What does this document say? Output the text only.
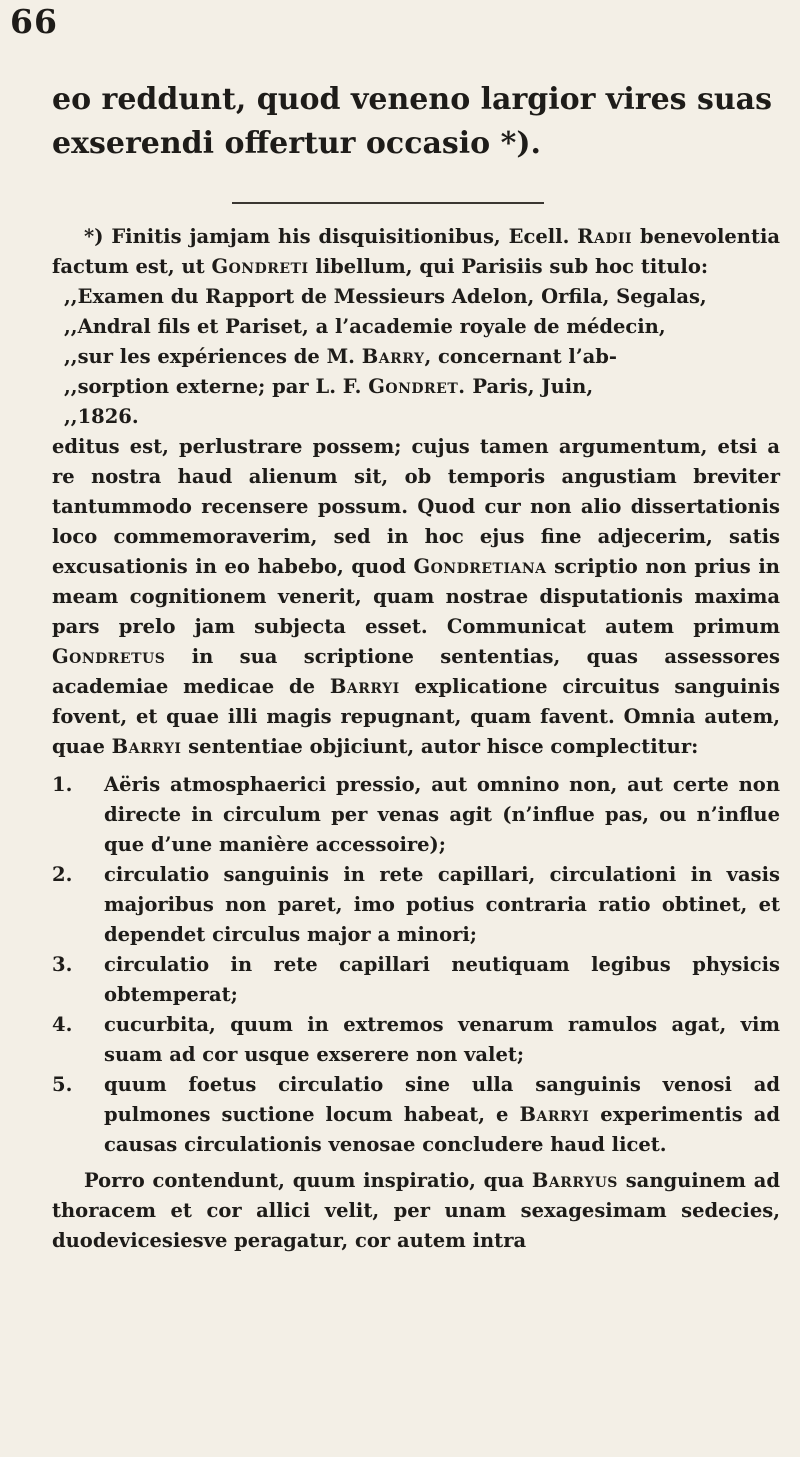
66
eo reddunt, quod veneno largior vires suas exserendi offertur occasio *).

*) Finitis jamjam his disquisitionibus, Ecell. Radii benevolentia factum est, ut Gondreti libellum, qui Parisiis sub hoc titulo:

,,Examen du Rapport de Messieurs Adelon, Orfila, Segalas,
,,Andral fils et Pariset, a l’academie royale de médecin,
,,sur les expériences de M. Barry, concernant l’ab-
,,sorption externe; par L. F. Gondret. Paris, Juin,
,,1826.

editus est, perlustrare possem; cujus tamen argumentum, etsi a re nostra haud alienum sit, ob temporis angustiam breviter tantummodo recensere possum. Quod cur non alio dissertationis loco commemoraverim, sed in hoc ejus fine adjecerim, satis excusationis in eo habebo, quod Gondretiana scriptio non prius in meam cognitionem venerit, quam nostrae disputationis maxima pars prelo jam subjecta esset. Communicat autem primum Gondretus in sua scriptione sententias, quas assessores academiae medicae de Barryi explicatione circuitus sanguinis fovent, et quae illi magis repugnant, quam favent. Omnia autem, quae Barryi sententiae objiciunt, autor hisce complectitur:

1.	Aëris atmosphaerici pressio, aut omnino non, aut certe non directe in circulum per venas agit (n’influe pas, ou n’influe que d’une manière accessoire);
2.	circulatio sanguinis in rete capillari, circulationi in vasis majoribus non paret, imo potius contraria ratio obtinet, et dependet circulus major a minori;
3.	circulatio in rete capillari neutiquam legibus physicis obtemperat;
4.	cucurbita, quum in extremos venarum ramulos agat, vim suam ad cor usque exserere non valet;
5.	quum foetus circulatio sine ulla sanguinis venosi ad pulmones suctione locum habeat, e Barryi experimentis ad causas circulationis venosae concludere haud licet.

Porro contendunt, quum inspiratio, qua Barryus sanguinem ad thoracem et cor allici velit, per unam sexagesimam sedecies, duodevicesiesve peragatur, cor autem intra
